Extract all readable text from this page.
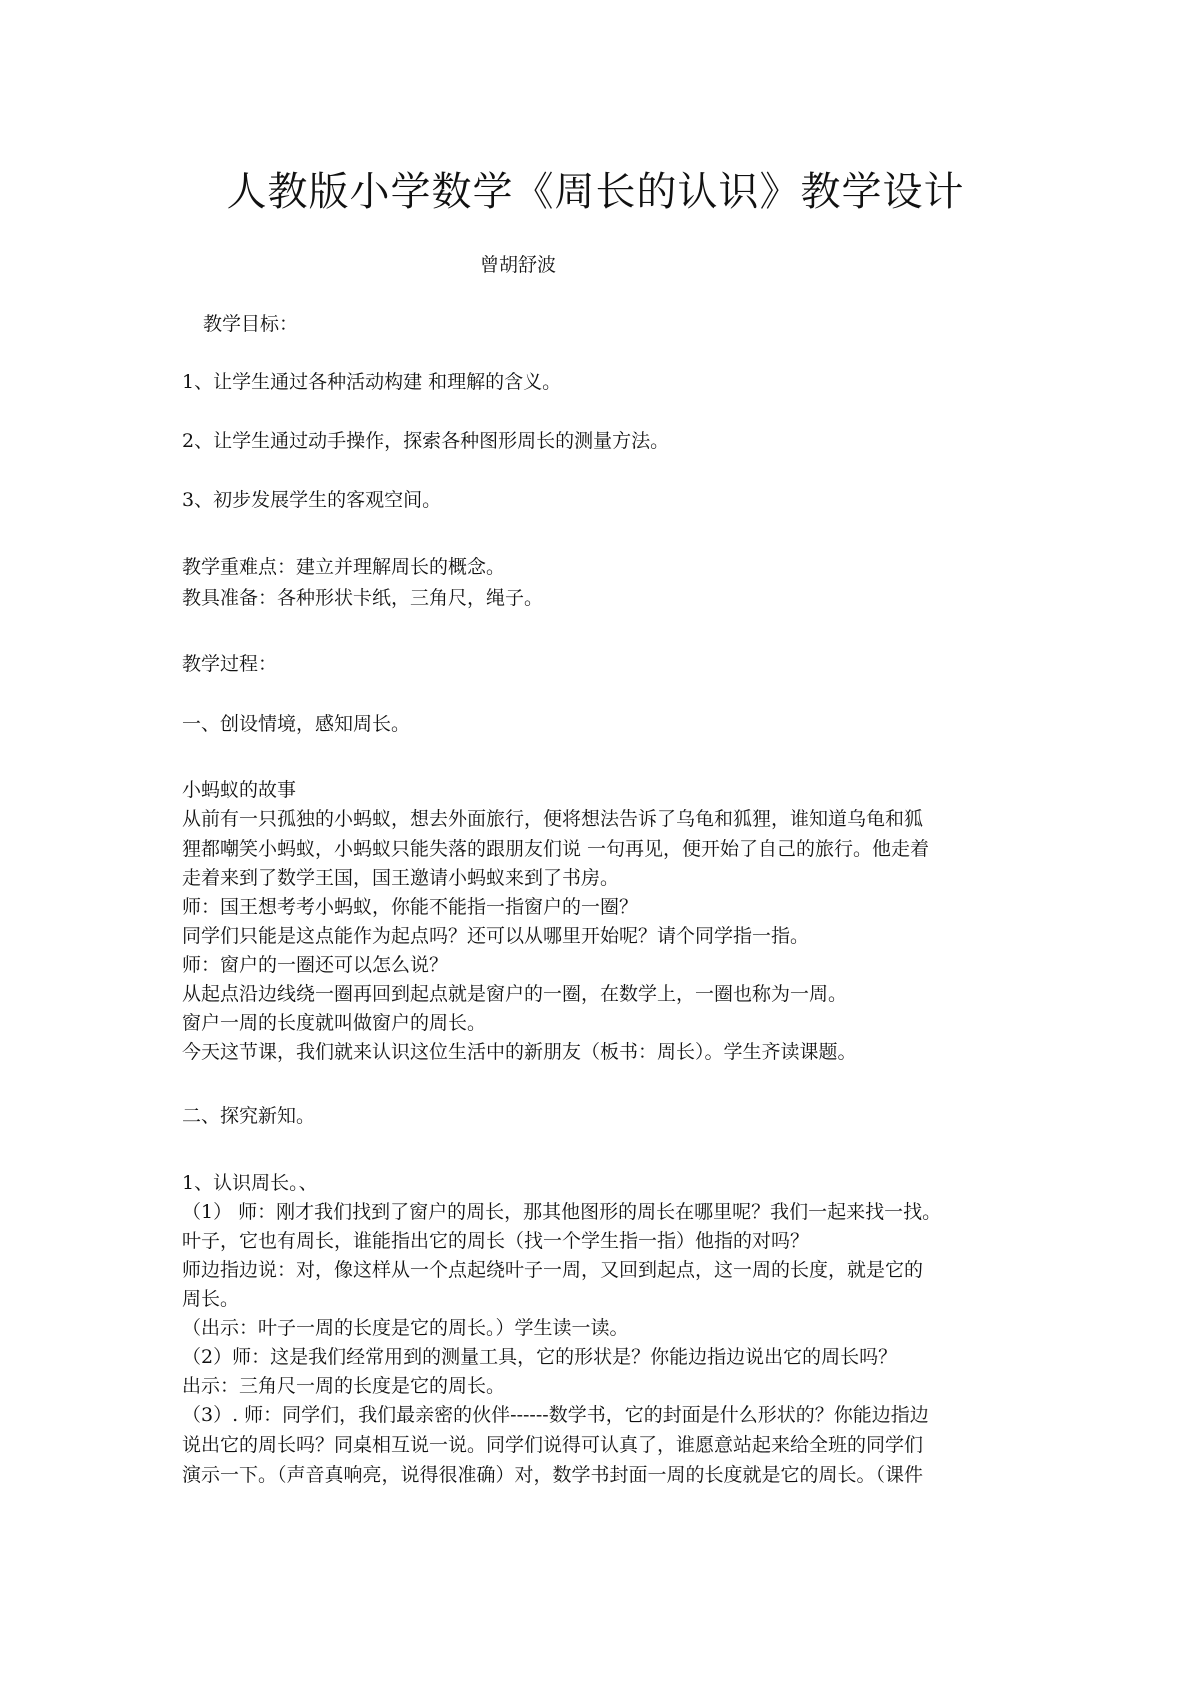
人教版小学数学《周长的认识》教学设计
曾胡舒波
教学目标：
1、让学生通过各种活动构建 和理解的含义。
2、让学生通过动手操作，探索各种图形周长的测量方法。
3、初步发展学生的客观空间。
教学重难点：建立并理解周长的概念。
教具准备：各种形状卡纸，三角尺，绳子。
教学过程：
一、创设情境，感知周长。
小蚂蚁的故事
从前有一只孤独的小蚂蚁，想去外面旅行，便将想法告诉了乌龟和狐狸，谁知道乌龟和狐
狸都嘲笑小蚂蚁，小蚂蚁只能失落的跟朋友们说 一句再见，便开始了自己的旅行。他走着
走着来到了数学王国，国王邀请小蚂蚁来到了书房。
师：国王想考考小蚂蚁，你能不能指一指窗户的一圈？
同学们只能是这点能作为起点吗？还可以从哪里开始呢？请个同学指一指。
师：窗户的一圈还可以怎么说？
从起点沿边线绕一圈再回到起点就是窗户的一圈，在数学上，一圈也称为一周。
窗户一周的长度就叫做窗户的周长。
今天这节课，我们就来认识这位生活中的新朋友（板书：周长）。学生齐读课题。
二、探究新知。
1、认识周长。、
（1） 师：刚才我们找到了窗户的周长，那其他图形的周长在哪里呢？我们一起来找一找。
叶子，它也有周长，谁能指出它的周长（找一个学生指一指）他指的对吗？
师边指边说：对，像这样从一个点起绕叶子一周，又回到起点，这一周的长度，就是它的
周长。
（出示：叶子一周的长度是它的周长。）学生读一读。
（2）师：这是我们经常用到的测量工具，它的形状是？你能边指边说出它的周长吗？
出示：三角尺一周的长度是它的周长。
（3）. 师：同学们，我们最亲密的伙伴------数学书，它的封面是什么形状的？你能边指边
说出它的周长吗？同桌相互说一说。同学们说得可认真了，谁愿意站起来给全班的同学们
演示一下。（声音真响亮，说得很准确）对，数学书封面一周的长度就是它的周长。（课件
